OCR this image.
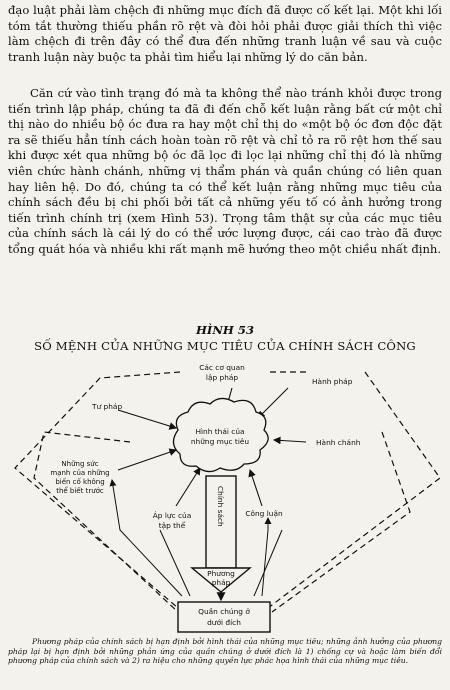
đạo luật phải làm chệch đi những mục đích đã được cố kết lại. Một khi lối tóm tắt thường thiếu phần rõ rệt và đòi hỏi phải được giải thích thì việc làm chệch đi trên đây có thể đưa đến những tranh luận về sau và cuộc tranh luận này buộc ta phải tìm hiểu lại những lý do căn bản.

Căn cứ vào tình trạng đó mà ta không thể nào tránh khỏi được trong tiến trình lập pháp, chúng ta đã đi đến chỗ kết luận rằng bất cứ một chỉ thị nào do nhiều bộ óc đưa ra hay một chỉ thị do «một bộ óc đơn độc đặt ra sẽ thiếu hẳn tính cách hoàn toàn rõ rệt và chỉ tỏ ra rõ rệt hơn thế sau khi được xét qua những bộ óc đã lọc đi lọc lại những chỉ thị đó là những viên chức hành chánh, những vị thẩm phán và quần chúng có liên quan hay liên hệ. Do đó, chúng ta có thể kết luận rằng những mục tiêu của chính sách đều bị chi phối bởi tất cả những yếu tố có ảnh hưởng trong tiến trình chính trị (xem Hình 53). Trọng tâm thật sự của các mục tiêu của chính sách là cái lý do có thể ước lượng được, cái cao trào đã được tổng quát hóa và nhiều khi rất mạnh mẽ hướng theo một chiều nhất định.

HÌNH 53
SỐ MỆNH CỦA NHỮNG MỤC TIÊU CỦA CHÍNH SÁCH CÔNG
Các cơ quan
lập pháp	Hành pháp
Tư pháp
Hành chánh
Hình thái của
những mục tiêu
Những sức
mạnh của những
biến cố không
thể biết trước
Áp lực của
tập thể
Công luận
Chính sách
Phương
pháp
Quần chúng ở
dưới đích

Phương pháp của chính sách bị hạn định bởi hình thái của những mục tiêu; những ảnh hưởng của phương pháp lại bị hạn định bởi những phản ứng của quần chúng ở dưới đích là 1) chống cự và hoặc làm biến đổi phương pháp của chính sách và 2) ra hiệu cho những quyền lực phác họa hình thái của những mục tiêu.
